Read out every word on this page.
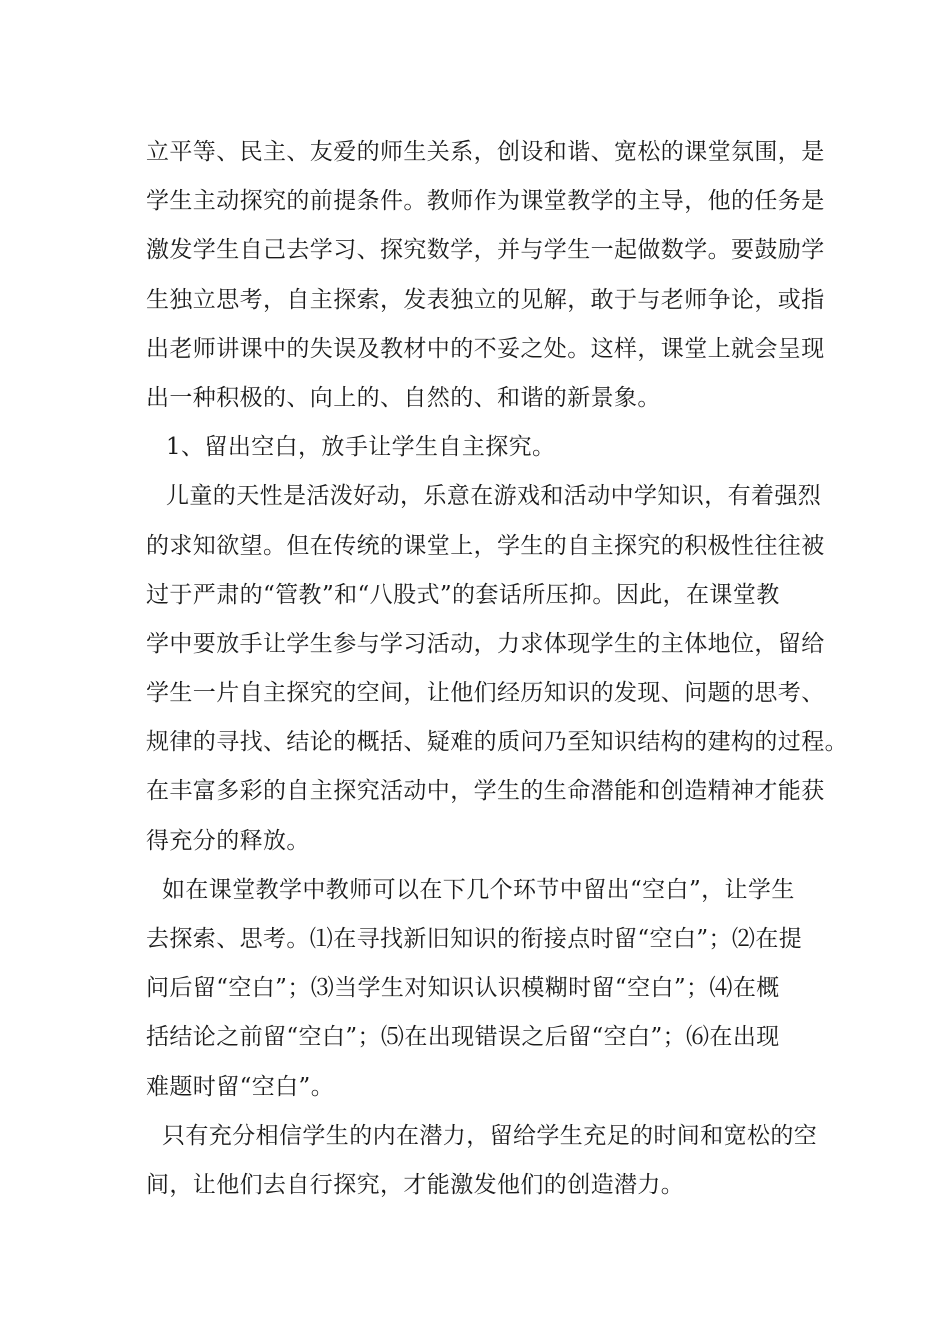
立平等、民主、友爱的师生关系，创设和谐、宽松的课堂氛围，是
学生主动探究的前提条件。教师作为课堂教学的主导，他的任务是
激发学生自己去学习、探究数学，并与学生一起做数学。要鼓励学
生独立思考，自主探索，发表独立的见解，敢于与老师争论，或指
出老师讲课中的失误及教材中的不妥之处。这样，课堂上就会呈现
出一种积极的、向上的、自然的、和谐的新景象。
1、留出空白，放手让学生自主探究。
儿童的天性是活泼好动，乐意在游戏和活动中学知识，有着强烈
的求知欲望。但在传统的课堂上，学生的自主探究的积极性往往被
过于严肃的“管教”和“八股式”的套话所压抑。因此，在课堂教
学中要放手让学生参与学习活动，力求体现学生的主体地位，留给
学生一片自主探究的空间，让他们经历知识的发现、问题的思考、
规律的寻找、结论的概括、疑难的质问乃至知识结构的建构的过程。
在丰富多彩的自主探究活动中，学生的生命潜能和创造精神才能获
得充分的释放。
如在课堂教学中教师可以在下几个环节中留出“空白”，让学生
去探索、思考。⑴在寻找新旧知识的衔接点时留“空白”；⑵在提
问后留“空白”；⑶当学生对知识认识模糊时留“空白”；⑷在概
括结论之前留“空白”；⑸在出现错误之后留“空白”；⑹在出现
难题时留“空白”。
只有充分相信学生的内在潜力，留给学生充足的时间和宽松的空
间，让他们去自行探究，才能激发他们的创造潜力。
